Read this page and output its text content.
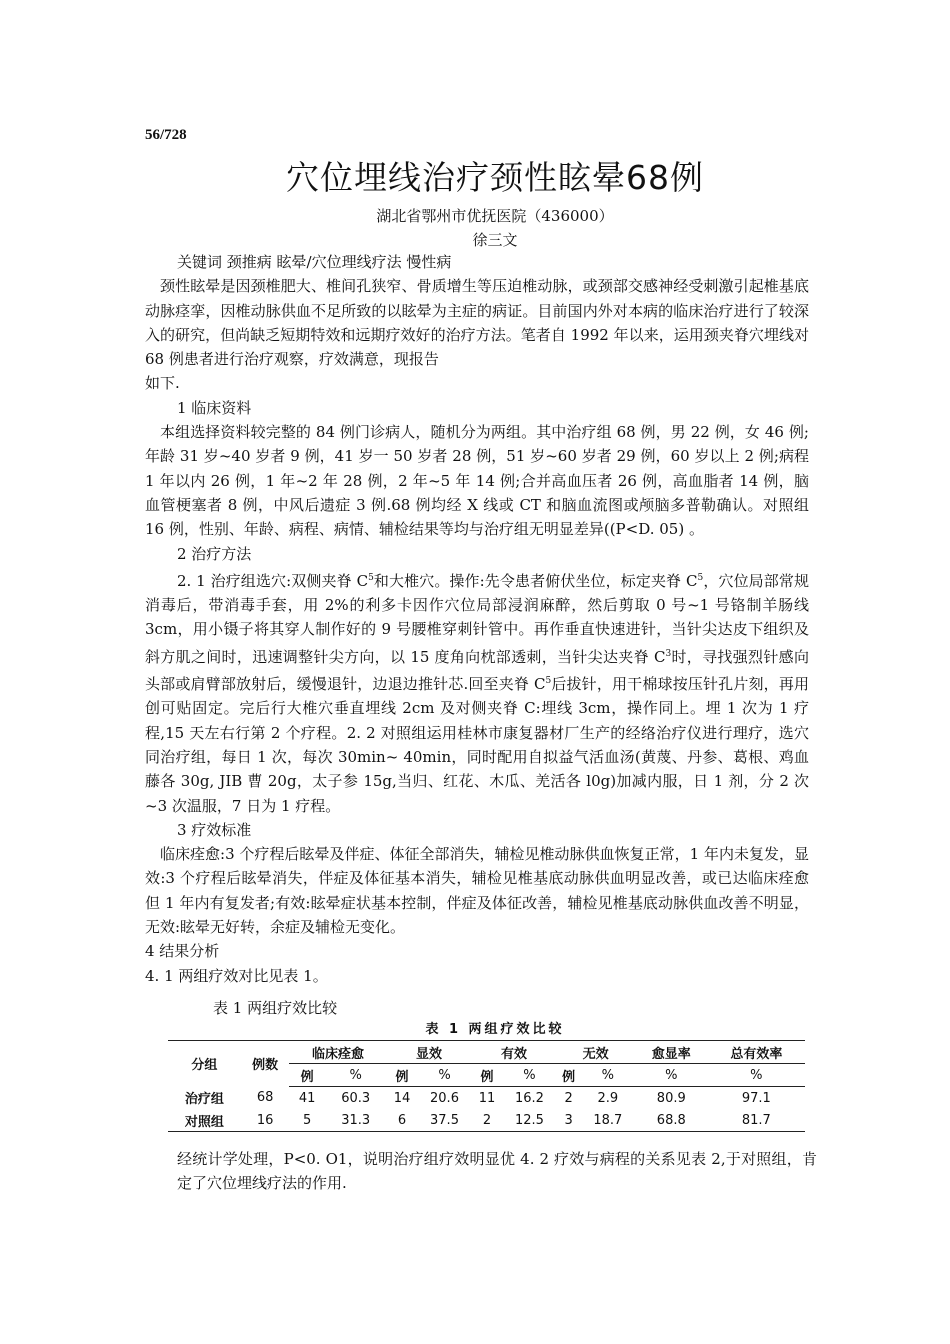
56/728
穴位埋线治疗颈性眩晕68例
湖北省鄂州市优抚医院（436000）
徐三文

关键词 颈推病 眩晕/穴位理线疗法 慢性病

颈性眩晕是因颈椎肥大、椎间孔狭窄、骨质增生等压迫椎动脉，或颈部交感神经受刺激引起椎基底动脉痉挛，因椎动脉供血不足所致的以眩晕为主症的病证。目前国内外对本病的临床治疗进行了较深入的研究，但尚缺乏短期特效和远期疗效好的治疗方法。笔者自 1992 年以来，运用颈夹脊穴埋线对 68 例患者进行治疗观察，疗效满意，现报告

如下.

1 临床资料

本组选择资料较完整的 84 例门诊病人，随机分为两组。其中治疗组 68 例，男 22 例，女 46 例;年龄 31 岁~40 岁者 9 例，41 岁一 50 岁者 28 例，51 岁~60 岁者 29 例，60 岁以上 2 例;病程 1 年以内 26 例，1 年~2 年 28 例，2 年~5 年 14 例;合并高血压者 26 例，高血脂者 14 例，脑血管梗塞者 8 例，中风后遗症 3 例.68 例均经 X 线或 CT 和脑血流图或颅脑多普勒确认。对照组 16 例，性别、年龄、病程、病情、辅检结果等均与治疗组无明显差异((P<D. 05) 。

2 治疗方法

2. 1 治疗组选穴:双侧夹脊 $C^5$和大椎穴。操作:先令患者俯伏坐位，标定夹脊 $C^5$，穴位局部常规消毒后，带消毒手套，用 2%的利多卡因作穴位局部浸润麻醉，然后剪取 0 号~1 号铬制羊肠线 3cm，用小镊子将其穿人制作好的 9 号腰椎穿刺针管中。再作垂直快速进针，当针尖达皮下组织及斜方肌之间时，迅速调整针尖方向，以 15 度角向枕部透刺，当针尖达夹脊 $C^3$时，寻找强烈针感向头部或肩臂部放射后，缓慢退针，边退边推针芯.回至夹脊 $C^5$后拔针，用干棉球按压针孔片刻，再用创可贴固定。完后行大椎穴垂直埋线 2cm 及对侧夹脊 C:埋线 3cm，操作同上。埋 1 次为 1 疗程,15 天左右行第 2 个疗程。2. 2 对照组运用桂林市康复器材厂生产的经络治疗仪进行理疗，选穴同治疗组，每日 1 次，每次 30min~ 40min，同时配用自拟益气活血汤(黄蔑、丹参、葛根、鸡血藤各 30g, JIB 曹 20g，太子参 15g,当归、红花、木瓜、羌活各 l0g)加减内服，日 1 剂，分 2 次~3 次温服，7 日为 1 疗程。

3 疗效标准

临床痊愈:3 个疗程后眩晕及伴症、体征全部消失，辅检见椎动脉供血恢复正常，1 年内未复发，显效:3 个疗程后眩晕消失，伴症及体征基本消失，辅检见椎基底动脉供血明显改善，或已达临床痊愈但 1 年内有复发者;有效:眩晕症状基本控制，伴症及体征改善，辅检见椎基底动脉供血改善不明显，无效:眩晕无好转，余症及辅检无变化。

4 结果分析

4. 1 两组疗效对比见表 1。

表 1 两组疗效比较
表 1 两组疗效比较
分组	例数	临床痊愈		显效		有效		无效		愈显率	总有效率
		例	%	例	%	例	%	例	%	%	%
治疗组	68	41	60.3	14	20.6	11	16.2	2	2.9	80.9	97.1
对照组	16	5	31.3	6	37.5	2	12.5	3	18.7	68.8	81.7

经统计学处理，P<0. O1，说明治疗组疗效明显优 4. 2 疗效与病程的关系见表 2,于对照组，肯定了穴位埋线疗法的作用.
